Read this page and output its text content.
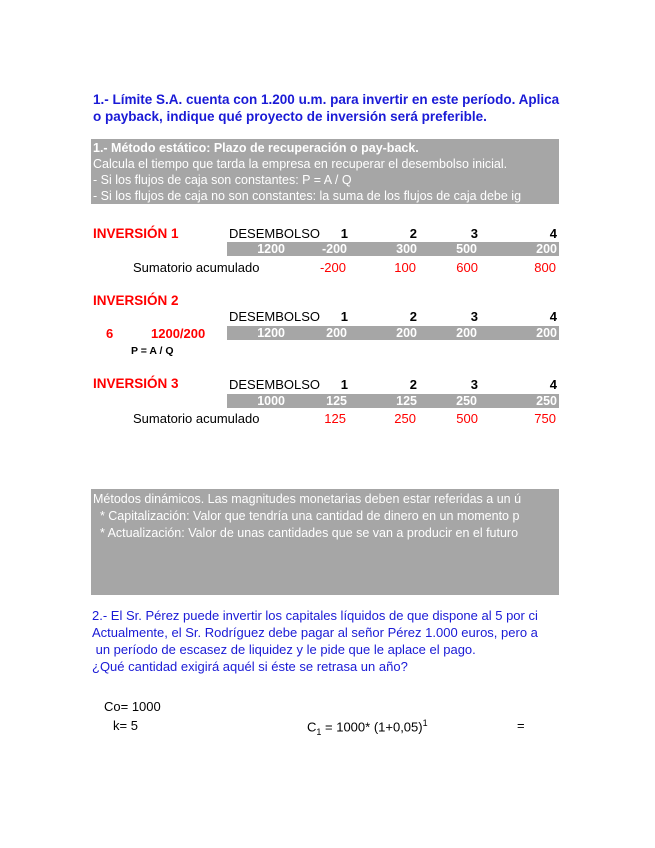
1.- Límite S.A. cuenta con 1.200 u.m. para invertir en este período. Aplica
o payback, indique qué proyecto de inversión será preferible.
1.- Método estático: Plazo de recuperación o pay-back.
Calcula el tiempo que tarda la empresa en recuperar el desembolso inicial.
- Si los flujos de caja son constantes: P = A / Q
- Si los flujos de caja no son constantes: la suma de los flujos de caja debe ig
INVERSIÓN 1	DESEMBOLSO	1	2	3	4
1200	-200	300	500	200
Sumatorio acumulado	-200	100	600	800
INVERSIÓN 2
DESEMBOLSO	1	2	3	4
6	1200/200	1200	200	200	200	200
P = A / Q
INVERSIÓN 3	DESEMBOLSO	1	2	3	4
1000	125	125	250	250
Sumatorio acumulado	125	250	500	750
Métodos dinámicos. Las magnitudes monetarias deben estar referidas a un ú
* Capitalización: Valor que tendría una cantidad de dinero en un momento p
* Actualización: Valor de unas cantidades que se van a producir en el futuro
2.- El Sr. Pérez puede invertir los capitales líquidos de que dispone al 5 por ci
Actualmente, el Sr. Rodríguez debe pagar al señor Pérez 1.000 euros, pero a
un período de escasez de liquidez y le pide que le aplace el pago.
¿Qué cantidad exigirá aquél si éste se retrasa un año?
Co= 1000
k= 5	$C_1 = 1000*$ $(1+0,05)^1$	=
